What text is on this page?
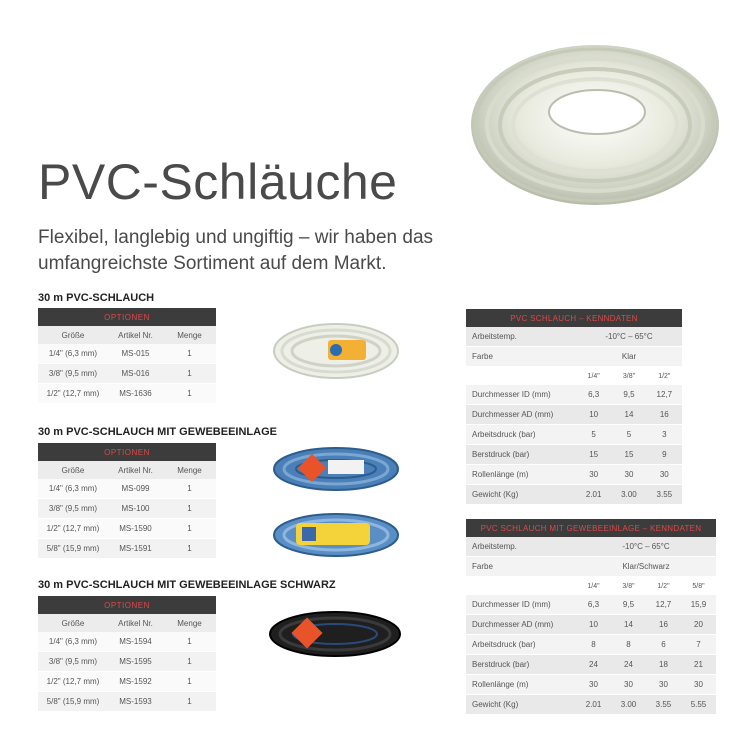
PVC-Schläuche

Flexibel, langlebig und ungiftig – wir haben das umfangreichste Sortiment auf dem Markt.

30 m PVC-SCHLAUCH
OPTIONEN		
Größe	Artikel Nr.	Menge
1/4" (6,3 mm)	MS-015	1
3/8" (9,5 mm)	MS-016	1
1/2" (12,7 mm)	MS-1636	1
30 m PVC-SCHLAUCH MIT GEWEBEEINLAGE
OPTIONEN		
Größe	Artikel Nr.	Menge
1/4" (6,3 mm)	MS-099	1
3/8" (9,5 mm)	MS-100	1
1/2" (12,7 mm)	MS-1590	1
5/8" (15,9 mm)	MS-1591	1
30 m PVC-SCHLAUCH MIT GEWEBEEINLAGE SCHWARZ
OPTIONEN		
Größe	Artikel Nr.	Menge
1/4" (6,3 mm)	MS-1594	1
3/8" (9,5 mm)	MS-1595	1
1/2" (12,7 mm)	MS-1592	1
5/8" (15,9 mm)	MS-1593	1
PVC SCHLAUCH – KENNDATEN			
Arbeitstemp.	-10°C – 65°C		
Farbe	Klar		
	1/4"	3/8"	1/2"
Durchmesser ID (mm)	6,3	9,5	12,7
Durchmesser AD (mm)	10	14	16
Arbeitsdruck (bar)	5	5	3
Berstdruck (bar)	15	15	9
Rollenlänge (m)	30	30	30
Gewicht (Kg)	2.01	3.00	3.55
PVC SCHLAUCH MIT GEWEBEEINLAGE – KENNDATEN				
Arbeitstemp.	-10°C – 65°C			
Farbe	Klar/Schwarz			
	1/4"	3/8"	1/2"	5/8"
Durchmesser ID (mm)	6,3	9,5	12,7	15,9
Durchmesser AD (mm)	10	14	16	20
Arbeitsdruck (bar)	8	8	6	7
Berstdruck (bar)	24	24	18	21
Rollenlänge (m)	30	30	30	30
Gewicht (Kg)	2.01	3.00	3.55	5.55
